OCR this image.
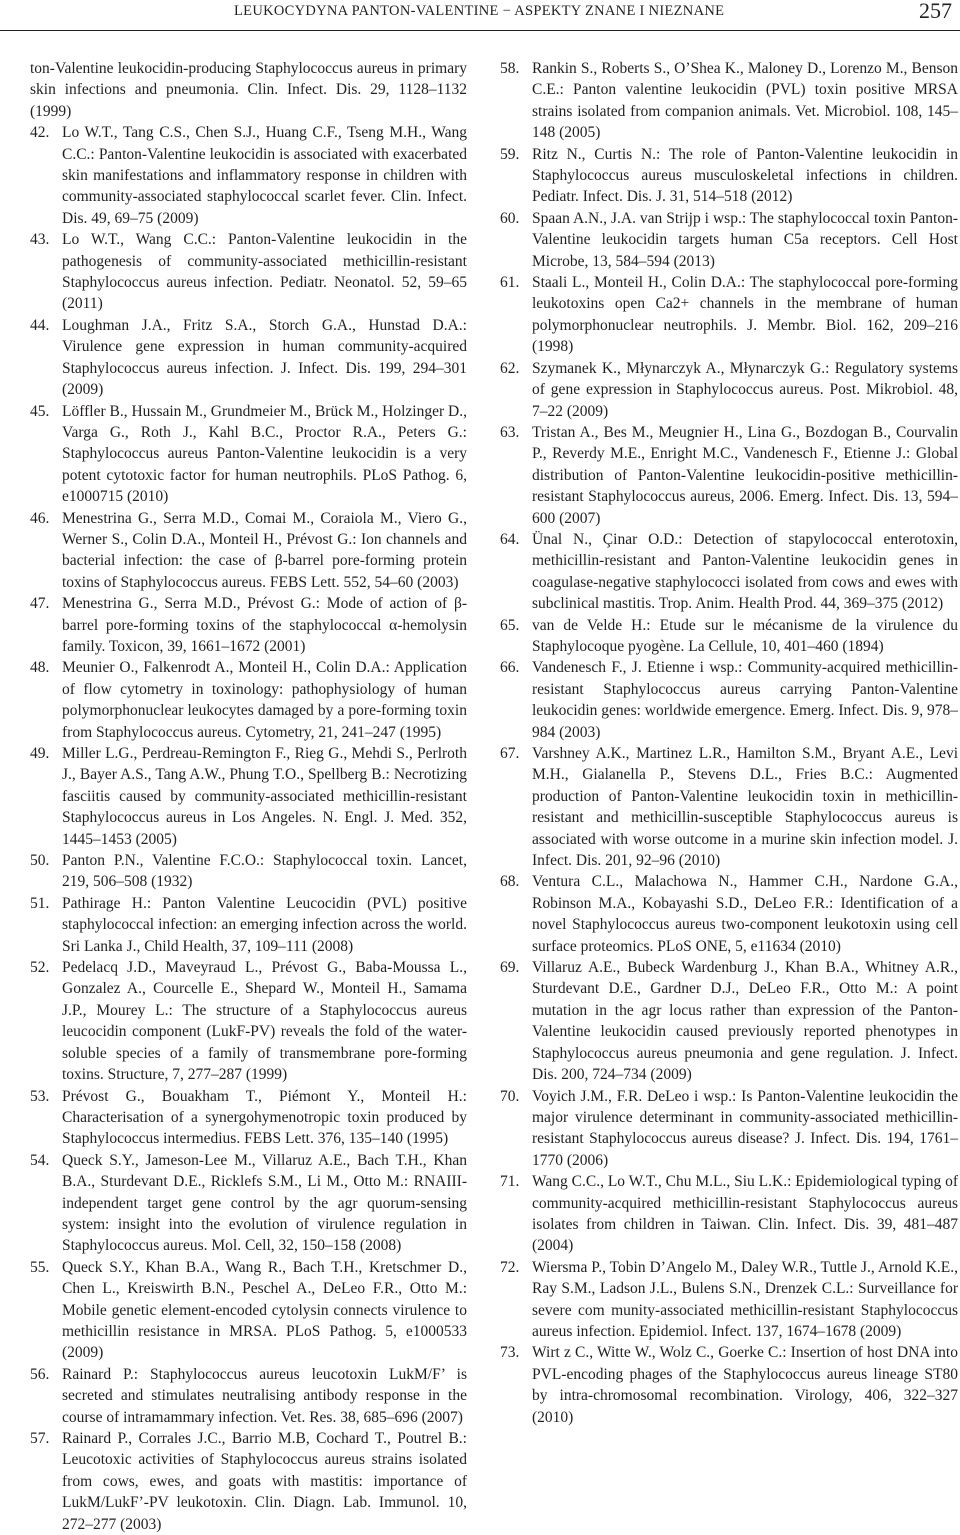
LEUKOCYDYNA PANTON-VALENTINE − ASPEKTY ZNANE I NIEZNANE	257
ton-Valentine leukocidin-producing Staphylococcus aureus in primary skin infections and pneumonia. Clin. Infect. Dis. 29, 1128–1132 (1999)
42. Lo W.T., Tang C.S., Chen S.J., Huang C.F., Tseng M.H., Wang C.C.: Panton-Valentine leukocidin is associated with exacerbated skin manifestations and inflammatory response in children with community-associated staphylococcal scarlet fever. Clin. Infect. Dis. 49, 69–75 (2009)
43. Lo W.T., Wang C.C.: Panton-Valentine leukocidin in the pathogenesis of community-associated methicillin-resistant Staphylococcus aureus infection. Pediatr. Neonatol. 52, 59–65 (2011)
44. Loughman J.A., Fritz S.A., Storch G.A., Hunstad D.A.: Virulence gene expression in human community-acquired Staphylococcus aureus infection. J. Infect. Dis. 199, 294–301 (2009)
45. Löffler B., Hussain M., Grundmeier M., Brück M., Holzinger D., Varga G., Roth J., Kahl B.C., Proctor R.A., Peters G.: Staphylococcus aureus Panton-Valentine leukocidin is a very potent cytotoxic factor for human neutrophils. PLoS Pathog. 6, e1000715 (2010)
46. Menestrina G., Serra M.D., Comai M., Coraiola M., Viero G., Werner S., Colin D.A., Monteil H., Prévost G.: Ion channels and bacterial infection: the case of β-barrel pore-forming protein toxins of Staphylococcus aureus. FEBS Lett. 552, 54–60 (2003)
47. Menestrina G., Serra M.D., Prévost G.: Mode of action of β-barrel pore-forming toxins of the staphylococcal α-hemolysin family. Toxicon, 39, 1661–1672 (2001)
48. Meunier O., Falkenrodt A., Monteil H., Colin D.A.: Application of flow cytometry in toxinology: pathophysiology of human polymorphonuclear leukocytes damaged by a pore-forming toxin from Staphylococcus aureus. Cytometry, 21, 241–247 (1995)
49. Miller L.G., Perdreau-Remington F., Rieg G., Mehdi S., Perlroth J., Bayer A.S., Tang A.W., Phung T.O., Spellberg B.: Necrotizing fasciitis caused by community-associated methicillin-resistant Staphylococcus aureus in Los Angeles. N. Engl. J. Med. 352, 1445–1453 (2005)
50. Panton P.N., Valentine F.C.O.: Staphylococcal toxin. Lancet, 219, 506–508 (1932)
51. Pathirage H.: Panton Valentine Leucocidin (PVL) positive staphylococcal infection: an emerging infection across the world. Sri Lanka J., Child Health, 37, 109–111 (2008)
52. Pedelacq J.D., Maveyraud L., Prévost G., Baba-Moussa L., Gonzalez A., Courcelle E., Shepard W., Monteil H., Samama J.P., Mourey L.: The structure of a Staphylococcus aureus leucocidin component (LukF-PV) reveals the fold of the water-soluble species of a family of transmembrane pore-forming toxins. Structure, 7, 277–287 (1999)
53. Prévost G., Bouakham T., Piémont Y., Monteil H.: Characterisation of a synergohymenotropic toxin produced by Staphylococcus intermedius. FEBS Lett. 376, 135–140 (1995)
54. Queck S.Y., Jameson-Lee M., Villaruz A.E., Bach T.H., Khan B.A., Sturdevant D.E., Ricklefs S.M., Li M., Otto M.: RNAIII-independent target gene control by the agr quorum-sensing system: insight into the evolution of virulence regulation in Staphylococcus aureus. Mol. Cell, 32, 150–158 (2008)
55. Queck S.Y., Khan B.A., Wang R., Bach T.H., Kretschmer D., Chen L., Kreiswirth B.N., Peschel A., DeLeo F.R., Otto M.: Mobile genetic element-encoded cytolysin connects virulence to methicillin resistance in MRSA. PLoS Pathog. 5, e1000533 (2009)
56. Rainard P.: Staphylococcus aureus leucotoxin LukM/F’ is secreted and stimulates neutralising antibody response in the course of intramammary infection. Vet. Res. 38, 685–696 (2007)
57. Rainard P., Corrales J.C., Barrio M.B, Cochard T., Poutrel B.: Leucotoxic activities of Staphylococcus aureus strains isolated from cows, ewes, and goats with mastitis: importance of LukM/LukF’-PV leukotoxin. Clin. Diagn. Lab. Immunol. 10, 272–277 (2003)
58. Rankin S., Roberts S., O’Shea K., Maloney D., Lorenzo M., Benson C.E.: Panton valentine leukocidin (PVL) toxin positive MRSA strains isolated from companion animals. Vet. Microbiol. 108, 145–148 (2005)
59. Ritz N., Curtis N.: The role of Panton-Valentine leukocidin in Staphylococcus aureus musculoskeletal infections in children. Pediatr. Infect. Dis. J. 31, 514–518 (2012)
60. Spaan A.N., J.A. van Strijp i wsp.: The staphylococcal toxin Panton-Valentine leukocidin targets human C5a receptors. Cell Host Microbe, 13, 584–594 (2013)
61. Staali L., Monteil H., Colin D.A.: The staphylococcal pore-forming leukotoxins open Ca2+ channels in the membrane of human polymorphonuclear neutrophils. J. Membr. Biol. 162, 209–216 (1998)
62. Szymanek K., Młynarczyk A., Młynarczyk G.: Regulatory systems of gene expression in Staphylococcus aureus. Post. Mikrobiol. 48, 7–22 (2009)
63. Tristan A., Bes M., Meugnier H., Lina G., Bozdogan B., Courvalin P., Reverdy M.E., Enright M.C., Vandenesch F., Etienne J.: Global distribution of Panton-Valentine leukocidin-positive methicillin-resistant Staphylococcus aureus, 2006. Emerg. Infect. Dis. 13, 594–600 (2007)
64. Ünal N., Çinar O.D.: Detection of stapylococcal enterotoxin, methicillin-resistant and Panton-Valentine leukocidin genes in coagulase-negative staphylococci isolated from cows and ewes with subclinical mastitis. Trop. Anim. Health Prod. 44, 369–375 (2012)
65. van de Velde H.: Etude sur le mécanisme de la virulence du Staphylocoque pyogène. La Cellule, 10, 401–460 (1894)
66. Vandenesch F., J. Etienne i wsp.: Community-acquired methicillin-resistant Staphylococcus aureus carrying Panton-Valentine leukocidin genes: worldwide emergence. Emerg. Infect. Dis. 9, 978–984 (2003)
67. Varshney A.K., Martinez L.R., Hamilton S.M., Bryant A.E., Levi M.H., Gialanella P., Stevens D.L., Fries B.C.: Augmented production of Panton-Valentine leukocidin toxin in methicillin-resistant and methicillin-susceptible Staphylococcus aureus is associated with worse outcome in a murine skin infection model. J. Infect. Dis. 201, 92–96 (2010)
68. Ventura C.L., Malachowa N., Hammer C.H., Nardone G.A., Robinson M.A., Kobayashi S.D., DeLeo F.R.: Identification of a novel Staphylococcus aureus two-component leukotoxin using cell surface proteomics. PLoS ONE, 5, e11634 (2010)
69. Villaruz A.E., Bubeck Wardenburg J., Khan B.A., Whitney A.R., Sturdevant D.E., Gardner D.J., DeLeo F.R., Otto M.: A point mutation in the agr locus rather than expression of the Panton-Valentine leukocidin caused previously reported phenotypes in Staphylococcus aureus pneumonia and gene regulation. J. Infect. Dis. 200, 724–734 (2009)
70. Voyich J.M., F.R. DeLeo i wsp.: Is Panton-Valentine leukocidin the major virulence determinant in community-associated methicillin-resistant Staphylococcus aureus disease? J. Infect. Dis. 194, 1761–1770 (2006)
71. Wang C.C., Lo W.T., Chu M.L., Siu L.K.: Epidemiological typing of community-acquired methicillin-resistant Staphylococcus aureus isolates from children in Taiwan. Clin. Infect. Dis. 39, 481–487 (2004)
72. Wiersma P., Tobin D’Angelo M., Daley W.R., Tuttle J., Arnold K.E., Ray S.M., Ladson J.L., Bulens S.N., Drenzek C.L.: Surveillance for severe com munity-associated methicillin-resistant Staphylococcus aureus infection. Epidemiol. Infect. 137, 1674–1678 (2009)
73. Wirt z C., Witte W., Wolz C., Goerke C.: Insertion of host DNA into PVL-encoding phages of the Staphylococcus aureus lineage ST80 by intra-chromosomal recombination. Virology, 406, 322–327 (2010)
